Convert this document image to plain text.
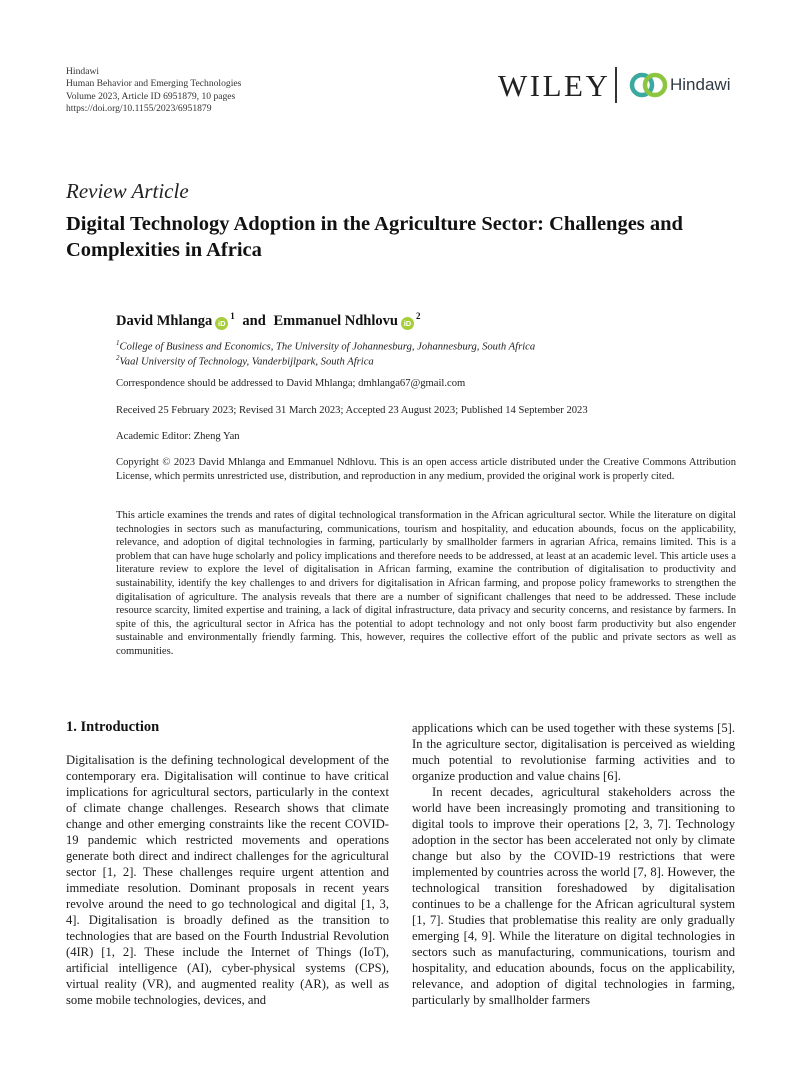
Hindawi
Human Behavior and Emerging Technologies
Volume 2023, Article ID 6951879, 10 pages
https://doi.org/10.1155/2023/6951879
WILEY	Hindawi
Review Article
Digital Technology Adoption in the Agriculture Sector: Challenges and Complexities in Africa
David Mhlanga $iD^1$ and Emmanuel Ndhlovu $iD^2$
$^1$College of Business and Economics, The University of Johannesburg, Johannesburg, South Africa
$^2$Vaal University of Technology, Vanderbijlpark, South Africa
Correspondence should be addressed to David Mhlanga; dmhlanga67@gmail.com
Received 25 February 2023; Revised 31 March 2023; Accepted 23 August 2023; Published 14 September 2023
Academic Editor: Zheng Yan
Copyright © 2023 David Mhlanga and Emmanuel Ndhlovu. This is an open access article distributed under the Creative Commons Attribution License, which permits unrestricted use, distribution, and reproduction in any medium, provided the original work is properly cited.
This article examines the trends and rates of digital technological transformation in the African agricultural sector. While the literature on digital technologies in sectors such as manufacturing, communications, tourism and hospitality, and education abounds, focus on the applicability, relevance, and adoption of digital technologies in farming, particularly by smallholder farmers in agrarian Africa, remains limited. This is a problem that can have huge scholarly and policy implications and therefore needs to be addressed, at least at an academic level. This article uses a literature review to explore the level of digitalisation in African farming, examine the contribution of digitalisation to productivity and sustainability, identify the key challenges to and drivers for digitalisation in African farming, and propose policy frameworks to strengthen the digitalisation of agriculture. The analysis reveals that there are a number of significant challenges that need to be addressed. These include resource scarcity, limited expertise and training, a lack of digital infrastructure, data privacy and security concerns, and resistance by farmers. In spite of this, the agricultural sector in Africa has the potential to adopt technology and not only boost farm productivity but also engender sustainable and environmentally friendly farming. This, however, requires the collective effort of the public and private sectors as well as communities.
1. Introduction

Digitalisation is the defining technological development of the contemporary era. Digitalisation will continue to have critical implications for agricultural sectors, particularly in the context of climate change challenges. Research shows that climate change and other emerging constraints like the recent COVID-19 pandemic which restricted movements and operations generate both direct and indirect challenges for the agricultural sector [1, 2]. These challenges require urgent attention and immediate resolution. Dominant proposals in recent years revolve around the need to go technological and digital [1, 3, 4]. Digitalisation is broadly defined as the transition to technologies that are based on the Fourth Industrial Revolution (4IR) [1, 2]. These include the Internet of Things (IoT), artificial intelligence (AI), cyber-physical systems (CPS), virtual reality (VR), and augmented reality (AR), as well as some mobile technologies, devices, and

applications which can be used together with these systems [5]. In the agriculture sector, digitalisation is perceived as wielding much potential to revolutionise farming activities and to organize production and value chains [6].

In recent decades, agricultural stakeholders across the world have been increasingly promoting and transitioning to digital tools to improve their operations [2, 3, 7]. Technology adoption in the sector has been accelerated not only by climate change but also by the COVID-19 restrictions that were implemented by countries across the world [7, 8]. However, the technological transition foreshadowed by digitalisation continues to be a challenge for the African agricultural system [1, 7]. Studies that problematise this reality are only gradually emerging [4, 9]. While the literature on digital technologies in sectors such as manufacturing, communications, tourism and hospitality, and education abounds, focus on the applicability, relevance, and adoption of digital technologies in farming, particularly by smallholder farmers
